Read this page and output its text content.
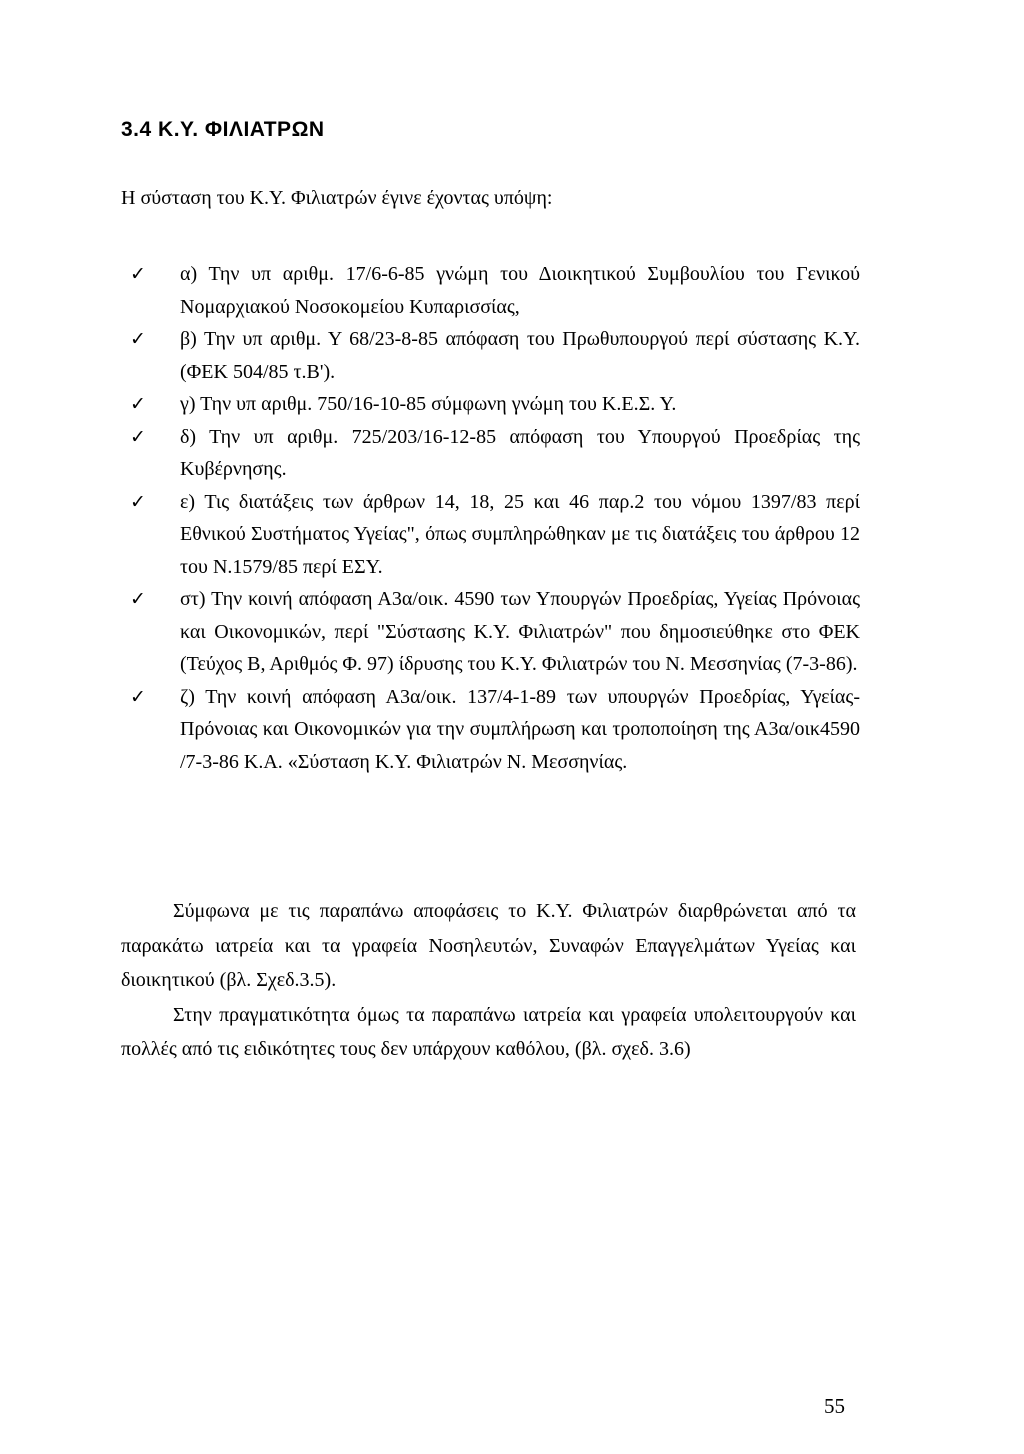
3.4 Κ.Υ. ΦΙΛΙΑΤΡΩΝ
Η σύσταση του Κ.Υ. Φιλιατρών έγινε έχοντας υπόψη:
✓ α) Την υπ αριθμ. 17/6-6-85 γνώμη του Διοικητικού Συμβουλίου του Γενικού Νομαρχιακού Νοσοκομείου Κυπαρισσίας,
✓ β) Την υπ αριθμ. Υ 68/23-8-85 απόφαση του Πρωθυπουργού περί σύστασης Κ.Υ. (ΦΕΚ 504/85 τ.Β').
✓ γ) Την υπ αριθμ. 750/16-10-85 σύμφωνη γνώμη του Κ.Ε.Σ. Υ.
✓ δ) Την υπ αριθμ. 725/203/16-12-85 απόφαση του Υπουργού Προεδρίας της Κυβέρνησης.
✓ ε) Τις διατάξεις των άρθρων 14, 18, 25 και 46 παρ.2 του νόμου 1397/83 περί Εθνικού Συστήματος Υγείας", όπως συμπληρώθηκαν με τις διατάξεις του άρθρου 12 του Ν.1579/85 περί ΕΣΥ.
✓ στ) Την κοινή απόφαση Α3α/οικ. 4590 των Υπουργών Προεδρίας, Υγείας Πρόνοιας και Οικονομικών, περί "Σύστασης Κ.Υ. Φιλιατρών" που δημοσιεύθηκε στο ΦΕΚ (Τεύχος Β, Αριθμός Φ. 97) ίδρυσης του Κ.Υ. Φιλιατρών του Ν. Μεσσηνίας (7-3-86).
✓ ζ) Την κοινή απόφαση Α3α/οικ. 137/4-1-89 των υπουργών Προεδρίας, Υγείας-Πρόνοιας και Οικονομικών για την συμπλήρωση και τροποποίηση της Α3α/οικ4590 /7-3-86 Κ.Α. «Σύσταση Κ.Υ. Φιλιατρών Ν. Μεσσηνίας.

Σύμφωνα με τις παραπάνω αποφάσεις το Κ.Υ. Φιλιατρών διαρθρώνεται από τα παρακάτω ιατρεία και τα γραφεία Νοσηλευτών, Συναφών Επαγγελμάτων Υγείας και διοικητικού (βλ. Σχεδ.3.5).

Στην πραγματικότητα όμως τα παραπάνω ιατρεία και γραφεία υπολειτουργούν και πολλές από τις ειδικότητες τους δεν υπάρχουν καθόλου, (βλ. σχεδ. 3.6)

55
